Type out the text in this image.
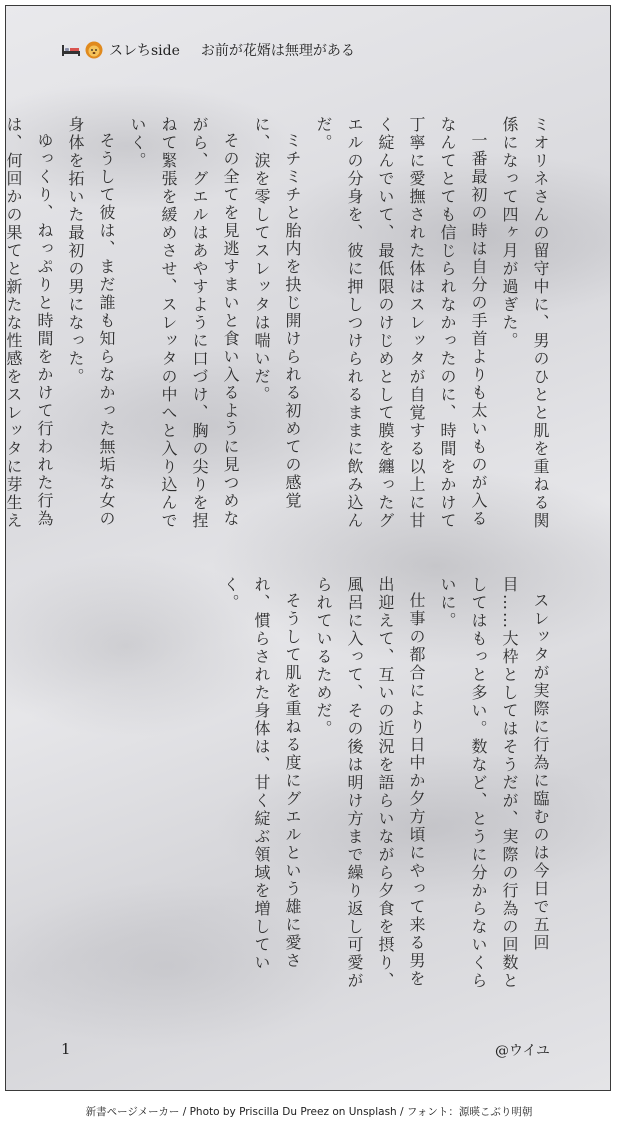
スレちside お前が花婿は無理がある

ミオリネさんの留守中に、男のひとと肌を重ねる関係になって四ヶ月が過ぎた。

一番最初の時は自分の手首よりも太いものが入るなんてとても信じられなかったのに、時間をかけて丁寧に愛撫された体はスレッタが自覚する以上に甘く綻んでいて、最低限のけじめとして膜を纏ったグエルの分身を、彼に押しつけられるままに飲み込んだ。

ミチミチと胎内を抉じ開けられる初めての感覚に、涙を零してスレッタは喘いだ。

その全てを見逃すまいと食い入るように見つめながら、グエルはあやすように口づけ、胸の尖りを捏ねて緊張を緩めさせ、スレッタの中へと入り込んでいく。

そうして彼は、まだ誰も知らなかった無垢な女の身体を拓いた最初の男になった。

ゆっくり、ねっぷりと時間をかけて行われた行為は、何回かの果てと新たな性感をスレッタに芽生え

スレッタが実際に行為に臨むのは今日で五回目……大枠としてはそうだが、実際の行為の回数としてはもっと多い。数など、とうに分からないくらいに。

仕事の都合により日中か夕方頃にやって来る男を出迎えて、互いの近況を語らいながら夕食を摂り、風呂に入って、その後は明け方まで繰り返し可愛がられているためだ。

そうして肌を重ねる度にグエルという雄に愛され、慣らされた身体は、甘く綻ぶ領域を増していく。

1	@ウイユ
新書ページメーカー / Photo by Priscilla Du Preez on Unsplash / フォント：源暎こぶり明朝
